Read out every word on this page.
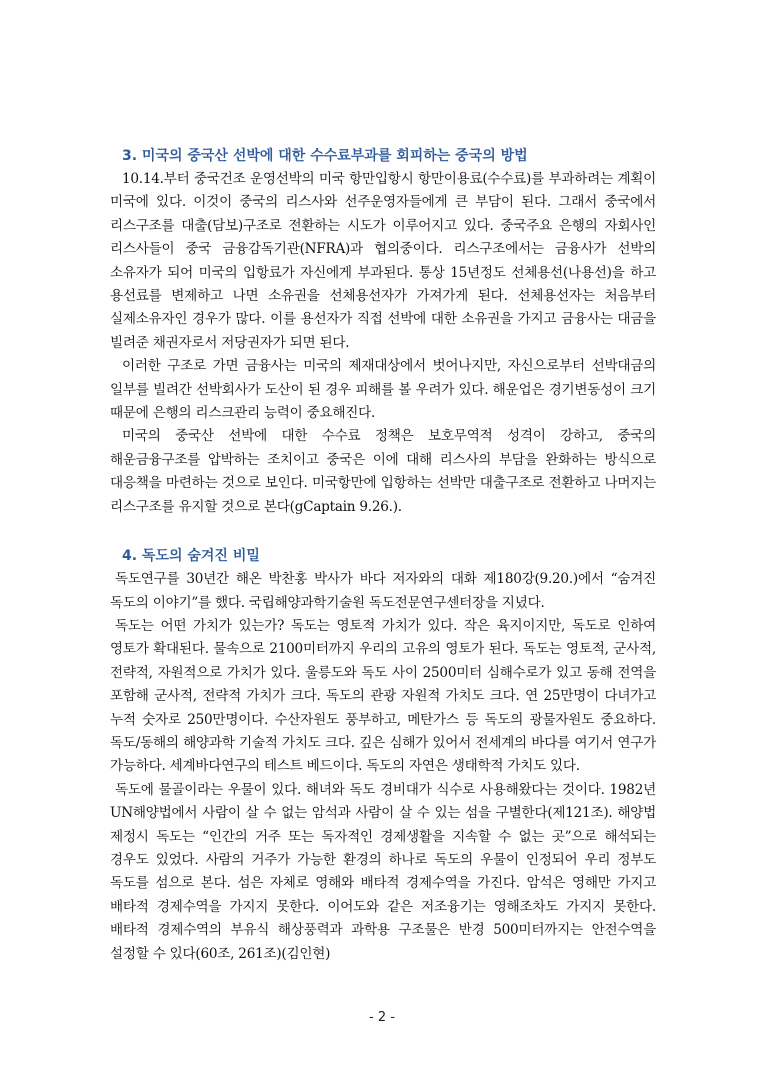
3. 미국의 중국산 선박에 대한 수수료부과를 회피하는 중국의 방법

10.14.부터 중국건조 운영선박의 미국 항만입항시 항만이용료(수수료)를 부과하려는 계획이 미국에 있다. 이것이 중국의 리스사와 선주운영자들에게 큰 부담이 된다. 그래서 중국에서 리스구조를 대출(담보)구조로 전환하는 시도가 이루어지고 있다. 중국주요 은행의 자회사인 리스사들이 중국 금융감독기관(NFRA)과 협의중이다. 리스구조에서는 금융사가 선박의 소유자가 되어 미국의 입항료가 자신에게 부과된다. 통상 15년정도 선체용선(나용선)을 하고 용선료를 변제하고 나면 소유권을 선체용선자가 가져가게 된다. 선체용선자는 처음부터 실제소유자인 경우가 많다. 이를 용선자가 직접 선박에 대한 소유권을 가지고 금융사는 대금을 빌려준 채권자로서 저당권자가 되면 된다.

이러한 구조로 가면 금융사는 미국의 제재대상에서 벗어나지만, 자신으로부터 선박대금의 일부를 빌려간 선박회사가 도산이 된 경우 피해를 볼 우려가 있다. 해운업은 경기변동성이 크기 때문에 은행의 리스크관리 능력이 중요해진다.

미국의 중국산 선박에 대한 수수료 정책은 보호무역적 성격이 강하고, 중국의 해운금융구조를 압박하는 조치이고 중국은 이에 대해 리스사의 부담을 완화하는 방식으로 대응책을 마련하는 것으로 보인다. 미국항만에 입항하는 선박만 대출구조로 전환하고 나머지는 리스구조를 유지할 것으로 본다(gCaptain 9.26.).

4. 독도의 숨겨진 비밀

독도연구를 30년간 해온 박찬홍 박사가 바다 저자와의 대화 제180강(9.20.)에서 “숨겨진 독도의 이야기”를 했다. 국립해양과학기술원 독도전문연구센터장을 지녔다.

독도는 어떤 가치가 있는가? 독도는 영토적 가치가 있다. 작은 육지이지만, 독도로 인하여 영토가 확대된다. 물속으로 2100미터까지 우리의 고유의 영토가 된다. 독도는 영토적, 군사적, 전략적, 자원적으로 가치가 있다. 울릉도와 독도 사이 2500미터 심해수로가 있고 동해 전역을 포함해 군사적, 전략적 가치가 크다. 독도의 관광 자원적 가치도 크다. 연 25만명이 다녀가고 누적 숫자로 250만명이다. 수산자원도 풍부하고, 메탄가스 등 독도의 광물자원도 중요하다. 독도/동해의 해양과학 기술적 가치도 크다. 깊은 심해가 있어서 전세계의 바다를 여기서 연구가 가능하다. 세계바다연구의 테스트 베드이다. 독도의 자연은 생태학적 가치도 있다.

독도에 물골이라는 우물이 있다. 해녀와 독도 경비대가 식수로 사용해왔다는 것이다. 1982년 UN해양법에서 사람이 살 수 없는 암석과 사람이 살 수 있는 섬을 구별한다(제121조). 해양법 제정시 독도는 “인간의 거주 또는 독자적인 경제생활을 지속할 수 없는 곳”으로 해석되는 경우도 있었다. 사람의 거주가 가능한 환경의 하나로 독도의 우물이 인정되어 우리 정부도 독도를 섬으로 본다. 섬은 자체로 영해와 배타적 경제수역을 가진다. 암석은 영해만 가지고 배타적 경제수역을 가지지 못한다. 이어도와 같은 저조융기는 영해조차도 가지지 못한다. 배타적 경제수역의 부유식 해상풍력과 과학용 구조물은 반경 500미터까지는 안전수역을 설정할 수 있다(60조, 261조)(김인현)

- 2 -
